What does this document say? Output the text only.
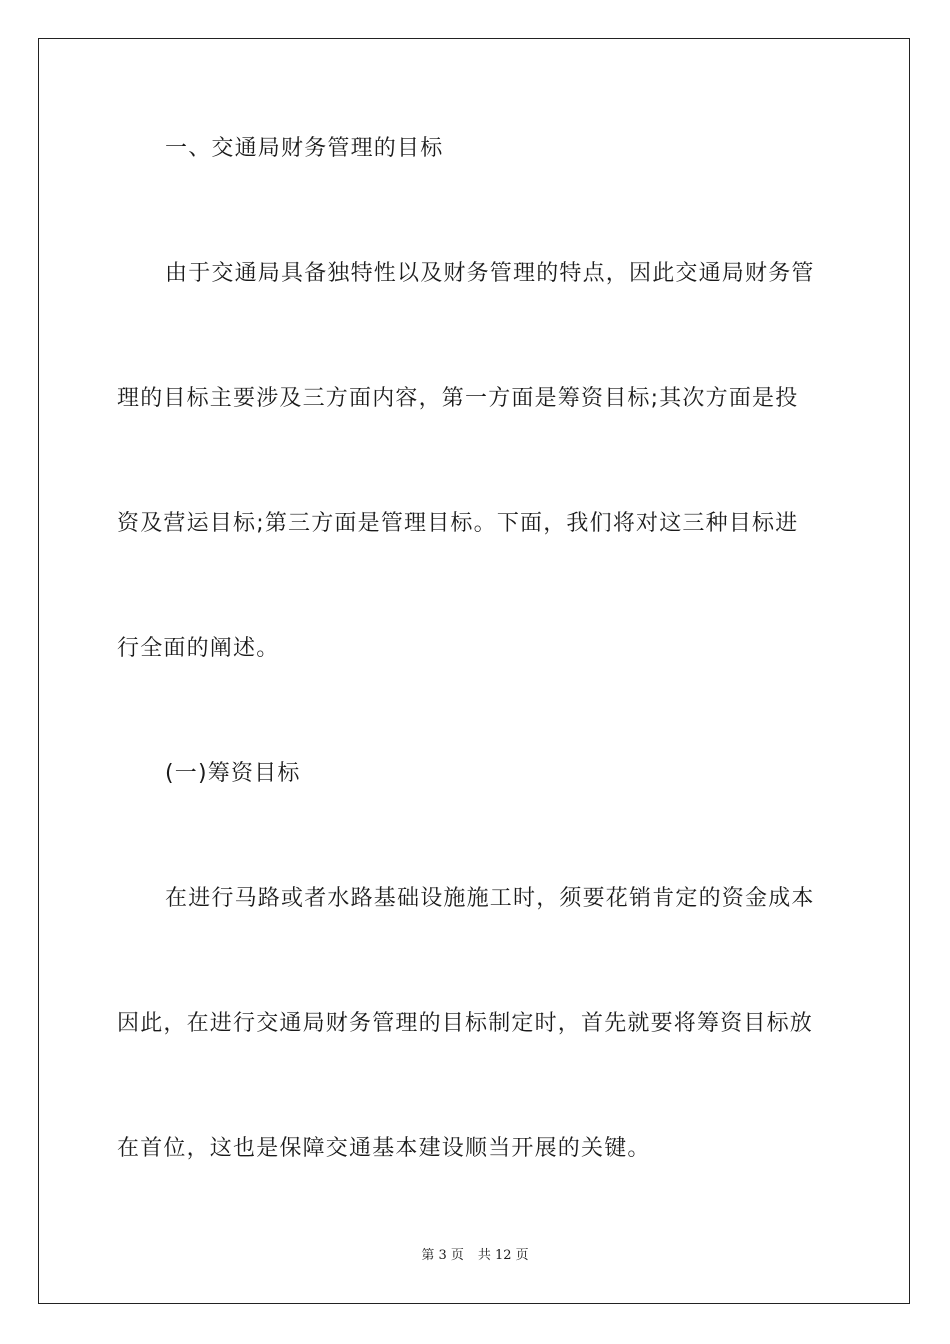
一、交通局财务管理的目标
由于交通局具备独特性以及财务管理的特点，因此交通局财务管
理的目标主要涉及三方面内容，第一方面是筹资目标;其次方面是投
资及营运目标;第三方面是管理目标。下面，我们将对这三种目标进
行全面的阐述。
(一)筹资目标
在进行马路或者水路基础设施施工时，须要花销肯定的资金成本
因此，在进行交通局财务管理的目标制定时，首先就要将筹资目标放
在首位，这也是保障交通基本建设顺当开展的关键。
第 3 页 共 12 页
